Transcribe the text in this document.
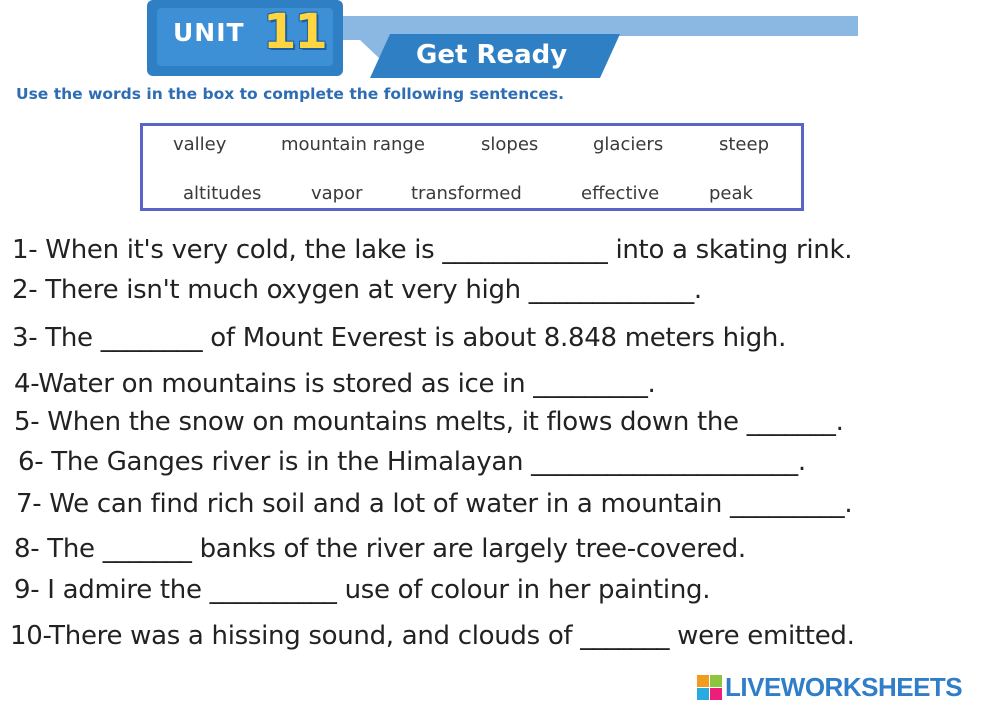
UNIT 11	Get Ready
Use the words in the box to complete the following sentences.
valley	mountain range	slopes	glaciers	steep
altitudes	vapor	transformed	effective	peak
1- When it's very cold, the lake is _____________ into a skating rink.
2- There isn't much oxygen at very high _____________.
3- The ________ of Mount Everest is about 8.848 meters high.
4-Water on mountains is stored as ice in _________.
5- When the snow on mountains melts, it flows down the _______.
6- The Ganges river is in the Himalayan _____________________.
7- We can find rich soil and a lot of water in a mountain _________.
8- The _______ banks of the river are largely tree-covered.
9- I admire the __________ use of colour in her painting.
10-There was a hissing sound, and clouds of _______ were emitted.
LIVEWORKSHEETS
